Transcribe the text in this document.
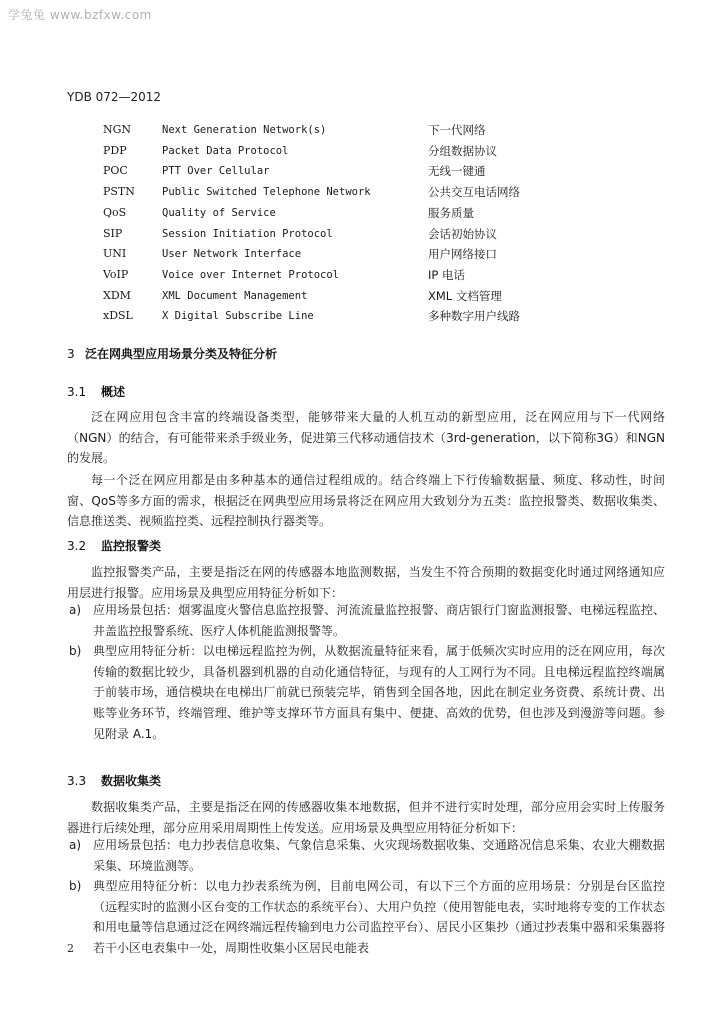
学兔兔 www.bzfxw.com
YDB 072—2012
NGN	Next Generation Network(s)	下一代网络
PDP	Packet Data Protocol	分组数据协议
POC	PTT Over Cellular	无线一键通
PSTN	Public Switched Telephone Network	公共交互电话网络
QoS	Quality of Service	服务质量
SIP	Session Initiation Protocol	会话初始协议
UNI	User Network Interface	用户网络接口
VoIP	Voice over Internet Protocol	IP 电话
XDM	XML Document Management	XML 文档管理
xDSL	X Digital Subscribe Line	多种数字用户线路
3 泛在网典型应用场景分类及特征分析
3.1 概述

泛在网应用包含丰富的终端设备类型，能够带来大量的人机互动的新型应用，泛在网应用与下一代网络（NGN）的结合，有可能带来杀手级业务，促进第三代移动通信技术（3rd-generation，以下简称3G）和NGN的发展。

每一个泛在网应用都是由多种基本的通信过程组成的。结合终端上下行传输数据量、频度、移动性，时间窗、QoS等多方面的需求，根据泛在网典型应用场景将泛在网应用大致划分为五类：监控报警类、数据收集类、信息推送类、视频监控类、远程控制执行器类等。

3.2 监控报警类

监控报警类产品，主要是指泛在网的传感器本地监测数据，当发生不符合预期的数据变化时通过网络通知应用层进行报警。应用场景及典型应用特征分析如下：

a) 应用场景包括：烟雾温度火警信息监控报警、河流流量监控报警、商店银行门窗监测报警、电梯远程监控、井盖监控报警系统、医疗人体机能监测报警等。
b) 典型应用特征分析：以电梯远程监控为例，从数据流量特征来看，属于低频次实时应用的泛在网应用，每次传输的数据比较少，具备机器到机器的自动化通信特征，与现有的人工网行为不同。且电梯远程监控终端属于前装市场，通信模块在电梯出厂前就已预装完毕，销售到全国各地，因此在制定业务资费、系统计费、出账等业务环节，终端管理、维护等支撑环节方面具有集中、便捷、高效的优势，但也涉及到漫游等问题。参见附录 A.1。
3.3 数据收集类

数据收集类产品，主要是指泛在网的传感器收集本地数据，但并不进行实时处理，部分应用会实时上传服务器进行后续处理，部分应用采用周期性上传发送。应用场景及典型应用特征分析如下：

a) 应用场景包括：电力抄表信息收集、气象信息采集、火灾现场数据收集、交通路况信息采集、农业大棚数据采集、环境监测等。
b) 典型应用特征分析：以电力抄表系统为例，目前电网公司，有以下三个方面的应用场景：分别是台区监控（远程实时的监测小区台变的工作状态的系统平台）、大用户负控（使用智能电表，实时地将专变的工作状态和用电量等信息通过泛在网终端远程传输到电力公司监控平台）、居民小区集抄（通过抄表集中器和采集器将若干小区电表集中一处，周期性收集小区居民电能表
2
